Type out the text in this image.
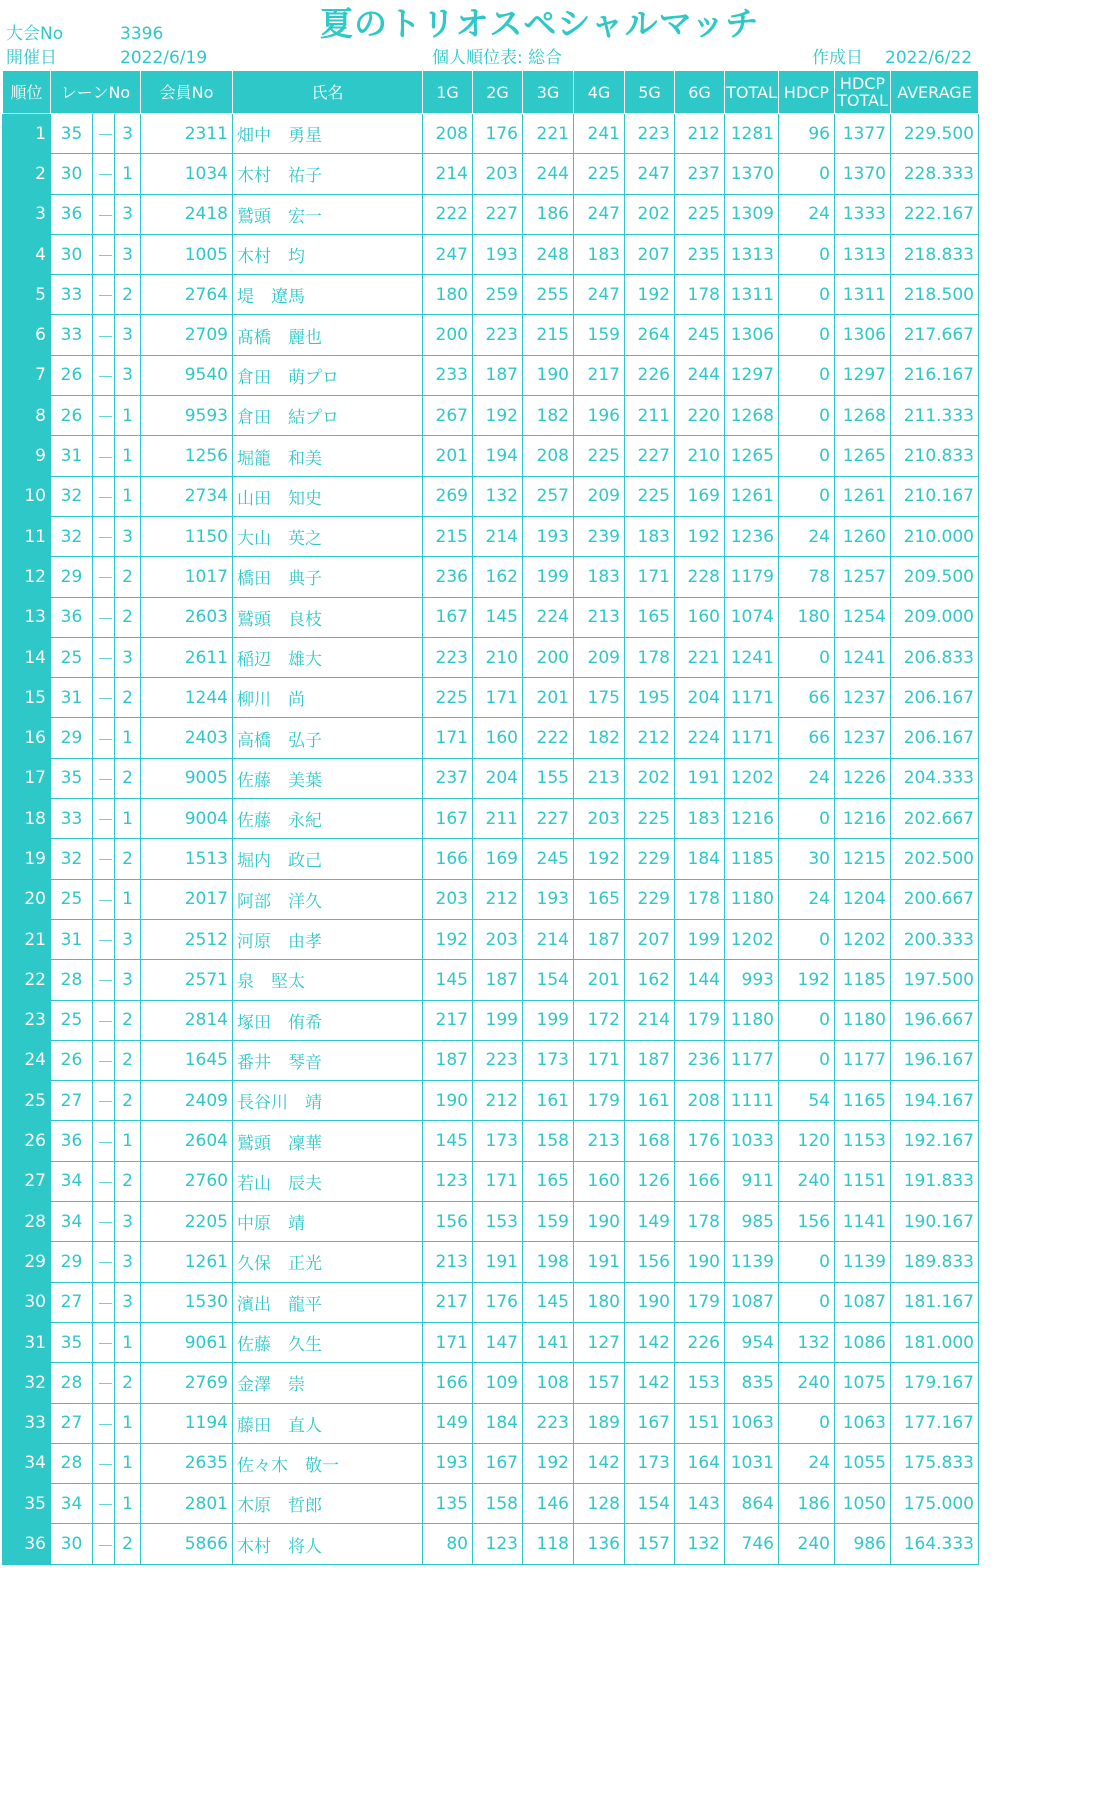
大会No	3396
開催日	2022/6/19
夏のトリオスペシャルマッチ
個人順位表: 総合	作成日 2022/6/22
順位	レーンNo			会員No	氏名	1G	2G	3G	4G	5G	6G	TOTAL	HDCP	HDCP TOTAL	AVERAGE
1	35	－	3	2311	畑中　勇星	208	176	221	241	223	212	1281	96	1377	229.500
2	30	－	1	1034	木村　祐子	214	203	244	225	247	237	1370	0	1370	228.333
3	36	－	3	2418	鷲頭　宏一	222	227	186	247	202	225	1309	24	1333	222.167
4	30	－	3	1005	木村　均	247	193	248	183	207	235	1313	0	1313	218.833
5	33	－	2	2764	堤　遼馬	180	259	255	247	192	178	1311	0	1311	218.500
6	33	－	3	2709	髙橋　麗也	200	223	215	159	264	245	1306	0	1306	217.667
7	26	－	3	9540	倉田　萌プロ	233	187	190	217	226	244	1297	0	1297	216.167
8	26	－	1	9593	倉田　結プロ	267	192	182	196	211	220	1268	0	1268	211.333
9	31	－	1	1256	堀籠　和美	201	194	208	225	227	210	1265	0	1265	210.833
10	32	－	1	2734	山田　知史	269	132	257	209	225	169	1261	0	1261	210.167
11	32	－	3	1150	大山　英之	215	214	193	239	183	192	1236	24	1260	210.000
12	29	－	2	1017	橋田　典子	236	162	199	183	171	228	1179	78	1257	209.500
13	36	－	2	2603	鷲頭　良枝	167	145	224	213	165	160	1074	180	1254	209.000
14	25	－	3	2611	稲辺　雄大	223	210	200	209	178	221	1241	0	1241	206.833
15	31	－	2	1244	柳川　尚	225	171	201	175	195	204	1171	66	1237	206.167
16	29	－	1	2403	高橋　弘子	171	160	222	182	212	224	1171	66	1237	206.167
17	35	－	2	9005	佐藤　美葉	237	204	155	213	202	191	1202	24	1226	204.333
18	33	－	1	9004	佐藤　永紀	167	211	227	203	225	183	1216	0	1216	202.667
19	32	－	2	1513	堀内　政己	166	169	245	192	229	184	1185	30	1215	202.500
20	25	－	1	2017	阿部　洋久	203	212	193	165	229	178	1180	24	1204	200.667
21	31	－	3	2512	河原　由孝	192	203	214	187	207	199	1202	0	1202	200.333
22	28	－	3	2571	泉　堅太	145	187	154	201	162	144	993	192	1185	197.500
23	25	－	2	2814	塚田　侑希	217	199	199	172	214	179	1180	0	1180	196.667
24	26	－	2	1645	番井　琴音	187	223	173	171	187	236	1177	0	1177	196.167
25	27	－	2	2409	長谷川　靖	190	212	161	179	161	208	1111	54	1165	194.167
26	36	－	1	2604	鷲頭　凜華	145	173	158	213	168	176	1033	120	1153	192.167
27	34	－	2	2760	若山　辰夫	123	171	165	160	126	166	911	240	1151	191.833
28	34	－	3	2205	中原　靖	156	153	159	190	149	178	985	156	1141	190.167
29	29	－	3	1261	久保　正光	213	191	198	191	156	190	1139	0	1139	189.833
30	27	－	3	1530	濱出　龍平	217	176	145	180	190	179	1087	0	1087	181.167
31	35	－	1	9061	佐藤　久生	171	147	141	127	142	226	954	132	1086	181.000
32	28	－	2	2769	金澤　崇	166	109	108	157	142	153	835	240	1075	179.167
33	27	－	1	1194	藤田　直人	149	184	223	189	167	151	1063	0	1063	177.167
34	28	－	1	2635	佐々木　敬一	193	167	192	142	173	164	1031	24	1055	175.833
35	34	－	1	2801	木原　哲郎	135	158	146	128	154	143	864	186	1050	175.000
36	30	－	2	5866	木村　将人	80	123	118	136	157	132	746	240	986	164.333
